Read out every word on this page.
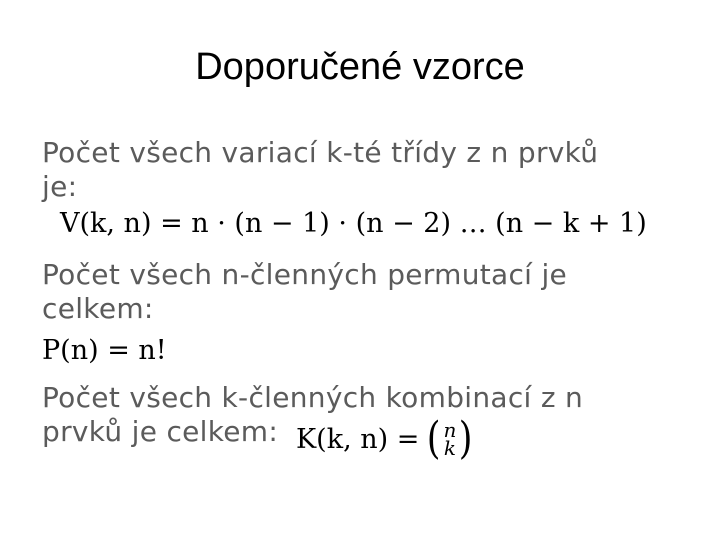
Doporučené vzorce
Počet všech variací k-té třídy z n prvků
je:
V(k, n) = n · (n − 1) · (n − 2) … (n − k + 1)
Počet všech n-členných permutací je
celkem:
P(n) = n!
Počet všech k-členných kombinací z n
prvků je celkem: K(k, n) = ( n
k )
